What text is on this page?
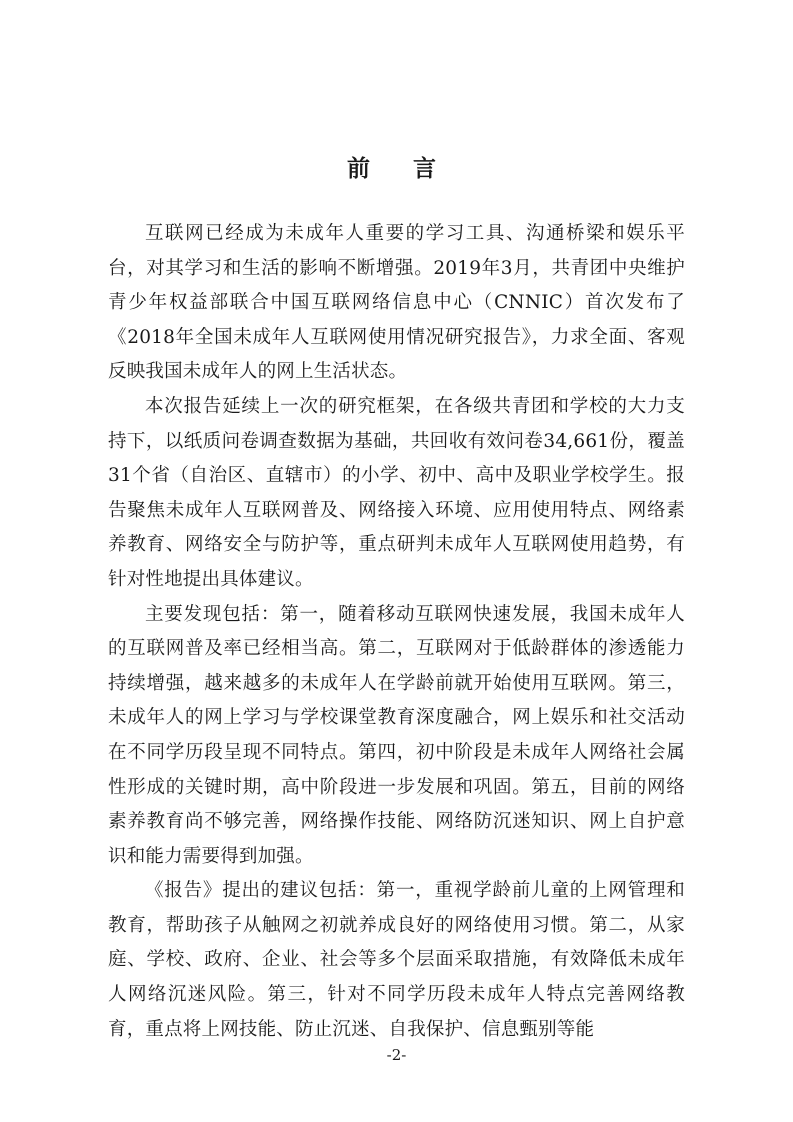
前　言

互联网已经成为未成年人重要的学习工具、沟通桥梁和娱乐平台，对其学习和生活的影响不断增强。2019年3月，共青团中央维护青少年权益部联合中国互联网络信息中心（CNNIC）首次发布了《2018年全国未成年人互联网使用情况研究报告》，力求全面、客观反映我国未成年人的网上生活状态。

本次报告延续上一次的研究框架，在各级共青团和学校的大力支持下，以纸质问卷调查数据为基础，共回收有效问卷34,661份，覆盖31个省（自治区、直辖市）的小学、初中、高中及职业学校学生。报告聚焦未成年人互联网普及、网络接入环境、应用使用特点、网络素养教育、网络安全与防护等，重点研判未成年人互联网使用趋势，有针对性地提出具体建议。

主要发现包括：第一，随着移动互联网快速发展，我国未成年人的互联网普及率已经相当高。第二，互联网对于低龄群体的渗透能力持续增强，越来越多的未成年人在学龄前就开始使用互联网。第三，未成年人的网上学习与学校课堂教育深度融合，网上娱乐和社交活动在不同学历段呈现不同特点。第四，初中阶段是未成年人网络社会属性形成的关键时期，高中阶段进一步发展和巩固。第五，目前的网络素养教育尚不够完善，网络操作技能、网络防沉迷知识、网上自护意识和能力需要得到加强。

《报告》提出的建议包括：第一，重视学龄前儿童的上网管理和教育，帮助孩子从触网之初就养成良好的网络使用习惯。第二，从家庭、学校、政府、企业、社会等多个层面采取措施，有效降低未成年人网络沉迷风险。第三，针对不同学历段未成年人特点完善网络教育，重点将上网技能、防止沉迷、自我保护、信息甄别等能

-2-
